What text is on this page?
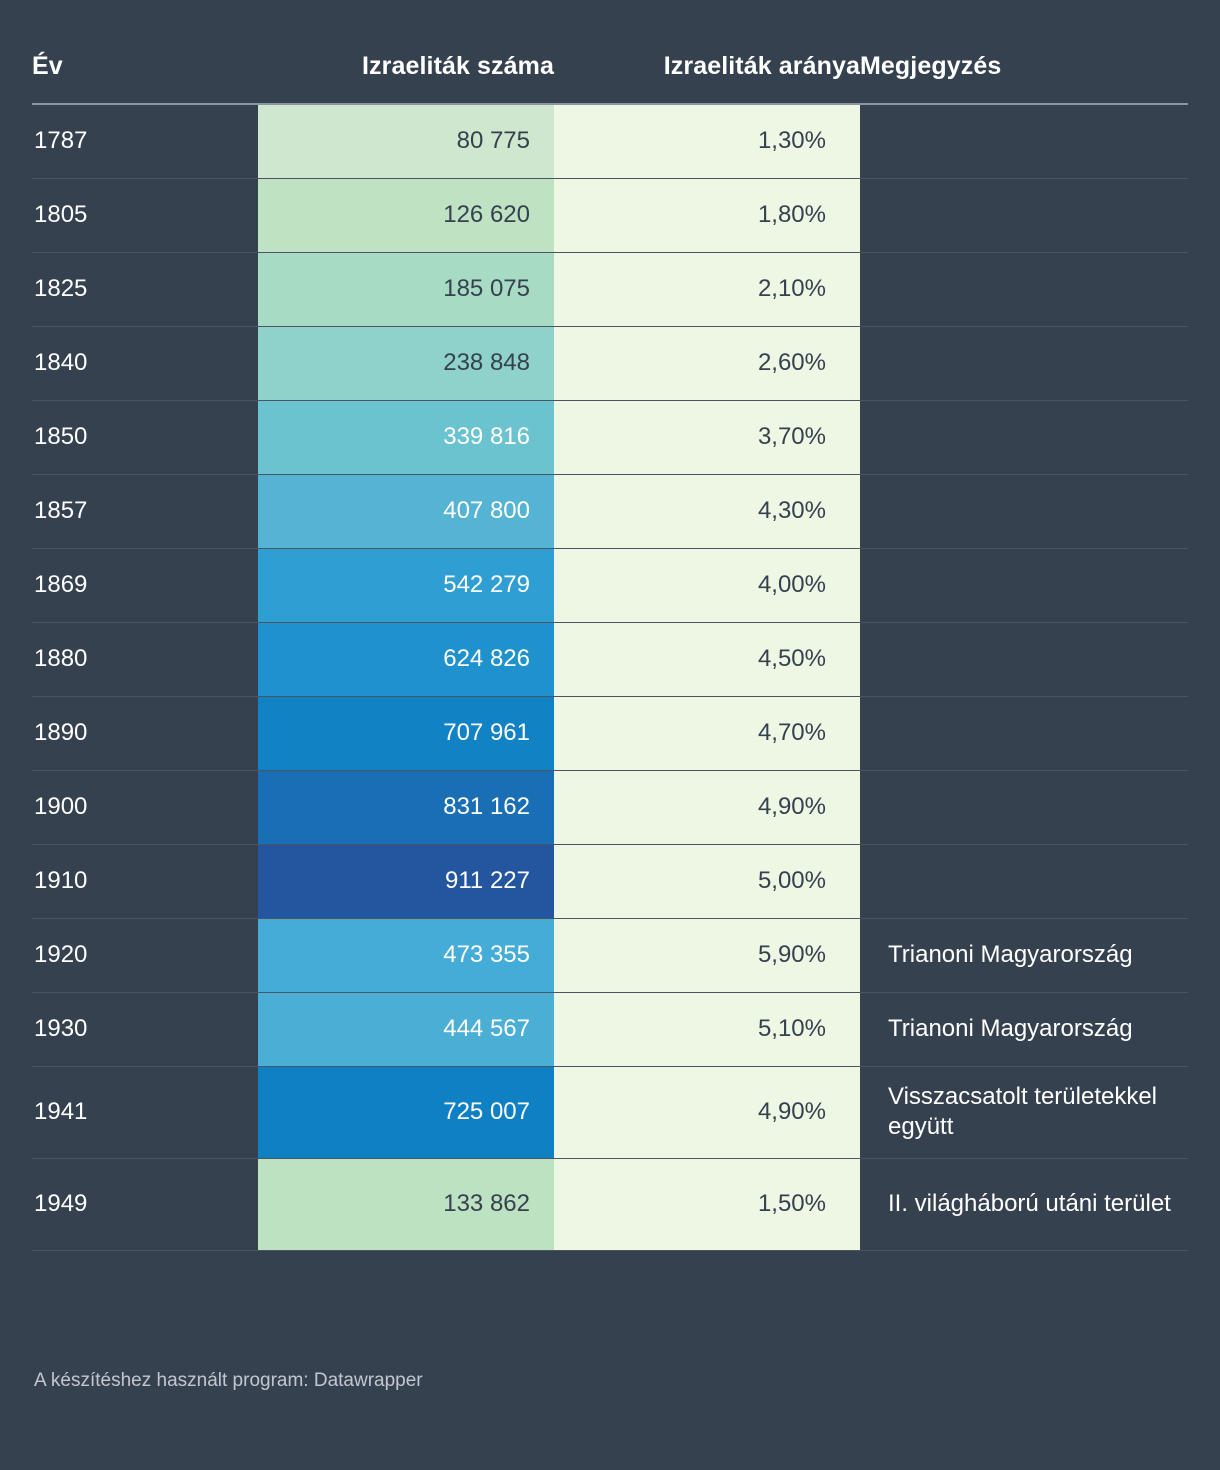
Év	Izraeliták száma	Izraeliták aránya	Megjegyzés
1787	80 775	1,30%	
1805	126 620	1,80%	
1825	185 075	2,10%	
1840	238 848	2,60%	
1850	339 816	3,70%	
1857	407 800	4,30%	
1869	542 279	4,00%	
1880	624 826	4,50%	
1890	707 961	4,70%	
1900	831 162	4,90%	
1910	911 227	5,00%	
1920	473 355	5,90%	Trianoni Magyarország
1930	444 567	5,10%	Trianoni Magyarország
1941	725 007	4,90%	Visszacsatolt területekkel együtt
1949	133 862	1,50%	II. világháború utáni terület
A készítéshez használt program: Datawrapper
